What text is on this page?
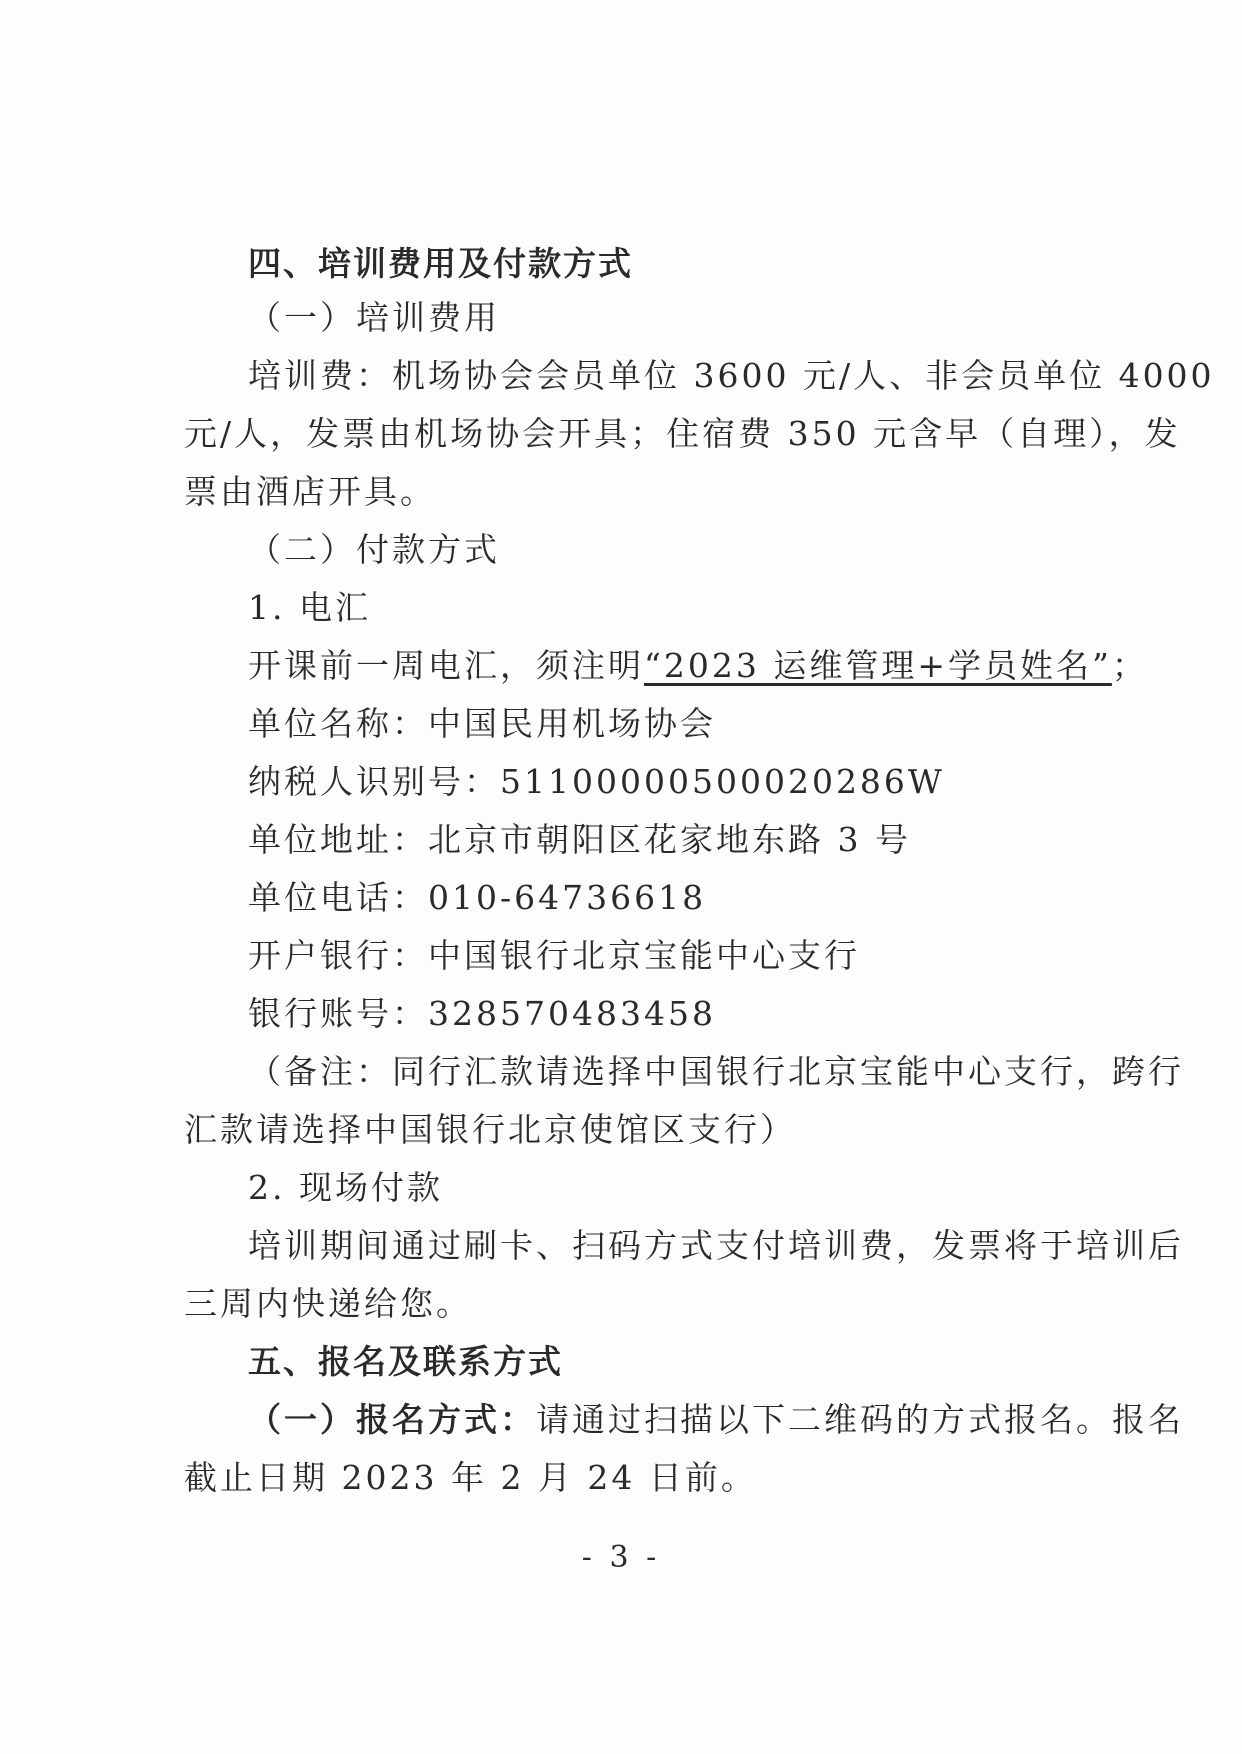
四、培训费用及付款方式
（一）培训费用
培训费：机场协会会员单位 3600 元/人、非会员单位 4000
元/人，发票由机场协会开具；住宿费 350 元含早（自理），发
票由酒店开具。
（二）付款方式
1. 电汇
开课前一周电汇，须注明“2023 运维管理+学员姓名”；
单位名称：中国民用机场协会
纳税人识别号：51100000500020286W
单位地址：北京市朝阳区花家地东路 3 号
单位电话：010-64736618
开户银行：中国银行北京宝能中心支行
银行账号：328570483458
（备注：同行汇款请选择中国银行北京宝能中心支行，跨行
汇款请选择中国银行北京使馆区支行）
2. 现场付款
培训期间通过刷卡、扫码方式支付培训费，发票将于培训后
三周内快递给您。
五、报名及联系方式
（一）报名方式：请通过扫描以下二维码的方式报名。报名
截止日期 2023 年 2 月 24 日前。
- 3 -
